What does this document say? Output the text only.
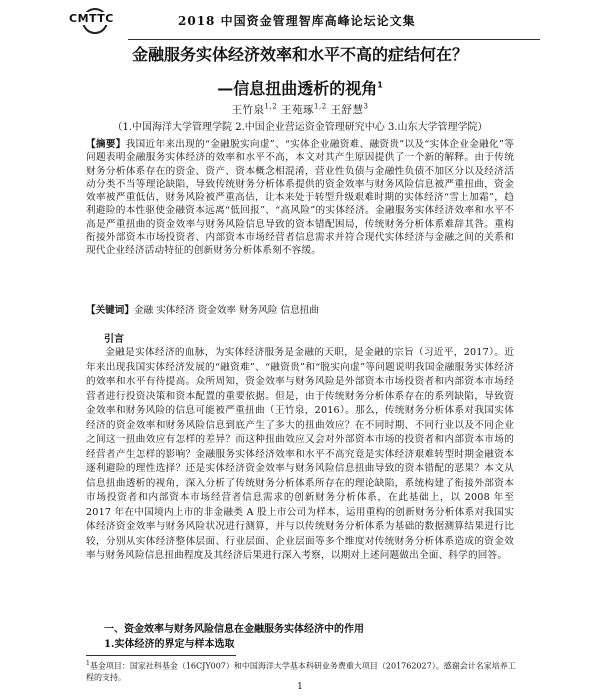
CMTTC	2018 中国资金管理智库高峰论坛论文集
金融服务实体经济效率和水平不高的症结何在？
—信息扭曲透析的视角$^1$
王竹泉$^{1,2}$ 王苑琢$^{1,2}$ 王舒慧$^3$
（1.中国海洋大学管理学院 2.中国企业营运资金管理研究中心 3.山东大学管理学院）
【摘要】我国近年来出现的“金融脱实向虚”、“实体企业融资难、融资贵”以及“实体企业金融化”等问题表明金融服务实体经济的效率和水平不高，本文对其产生原因提供了一个新的解释。由于传统财务分析体系存在的资金、资产、资本概念相混淆，营业性负债与金融性负债不加区分以及经济活动分类不当等理论缺陷，导致传统财务分析体系提供的资金效率与财务风险信息被严重扭曲，资金效率被严重低估，财务风险被严重高估，让本来处于转型升级艰难时期的实体经济“雪上加霜”，趋利避险的本性驱使金融资本远离“低回报”、“高风险”的实体经济。金融服务实体经济效率和水平不高是严重扭曲的资金效率与财务风险信息导致的资本错配困局，传统财务分析体系难辞其咎。重构衔接外部资本市场投资者、内部资本市场经营者信息需求并符合现代实体经济与金融之间的关系和现代企业经济活动特征的创新财务分析体系刻不容缓。
【关键词】金融 实体经济 资金效率 财务风险 信息扭曲
引言

金融是实体经济的血脉，为实体经济服务是金融的天职，是金融的宗旨（习近平，2017）。近年来出现我国实体经济发展的“融资难”、“融资贵”和“脱实向虚”等问题说明我国金融服务实体经济的效率和水平有待提高。众所周知，资金效率与财务风险是外部资本市场投资者和内部资本市场经营者进行投资决策和资本配置的重要依据。但是，由于传统财务分析体系存在的系列缺陷，导致资金效率和财务风险的信息可能被严重扭曲（王竹泉，2016）。那么，传统财务分析体系对我国实体经济的资金效率和财务风险信息到底产生了多大的扭曲效应？在不同时期、不同行业以及不同企业之间这一扭曲效应有怎样的差异？而这种扭曲效应又会对外部资本市场的投资者和内部资本市场的经营者产生怎样的影响？金融服务实体经济效率和水平不高究竟是实体经济艰难转型时期金融资本逐利避险的理性选择？还是实体经济资金效率与财务风险信息扭曲导致的资本错配的恶果？本文从信息扭曲透析的视角，深入分析了传统财务分析体系所存在的理论缺陷，系统构建了衔接外部资本市场投资者和内部资本市场经营者信息需求的创新财务分析体系，在此基础上，以 2008 年至 2017 年在中国境内上市的非金融类 A 股上市公司为样本，运用重构的创新财务分析体系对我国实体经济资金效率与财务风险状况进行测算，并与以传统财务分析体系为基础的数据测算结果进行比较，分别从实体经济整体层面、行业层面、企业层面等多个维度对传统财务分析体系造成的资金效率与财务风险信息扭曲程度及其经济后果进行深入考察，以期对上述问题做出全面、科学的回答。

一、资金效率与财务风险信息在金融服务实体经济中的作用
1.实体经济的界定与样本选取
$^1$基金项目：国家社科基金（16CJY007）和中国海洋大学基本科研业务费重大项目（201762027）。感谢会计名家培养工程的支持。
1
